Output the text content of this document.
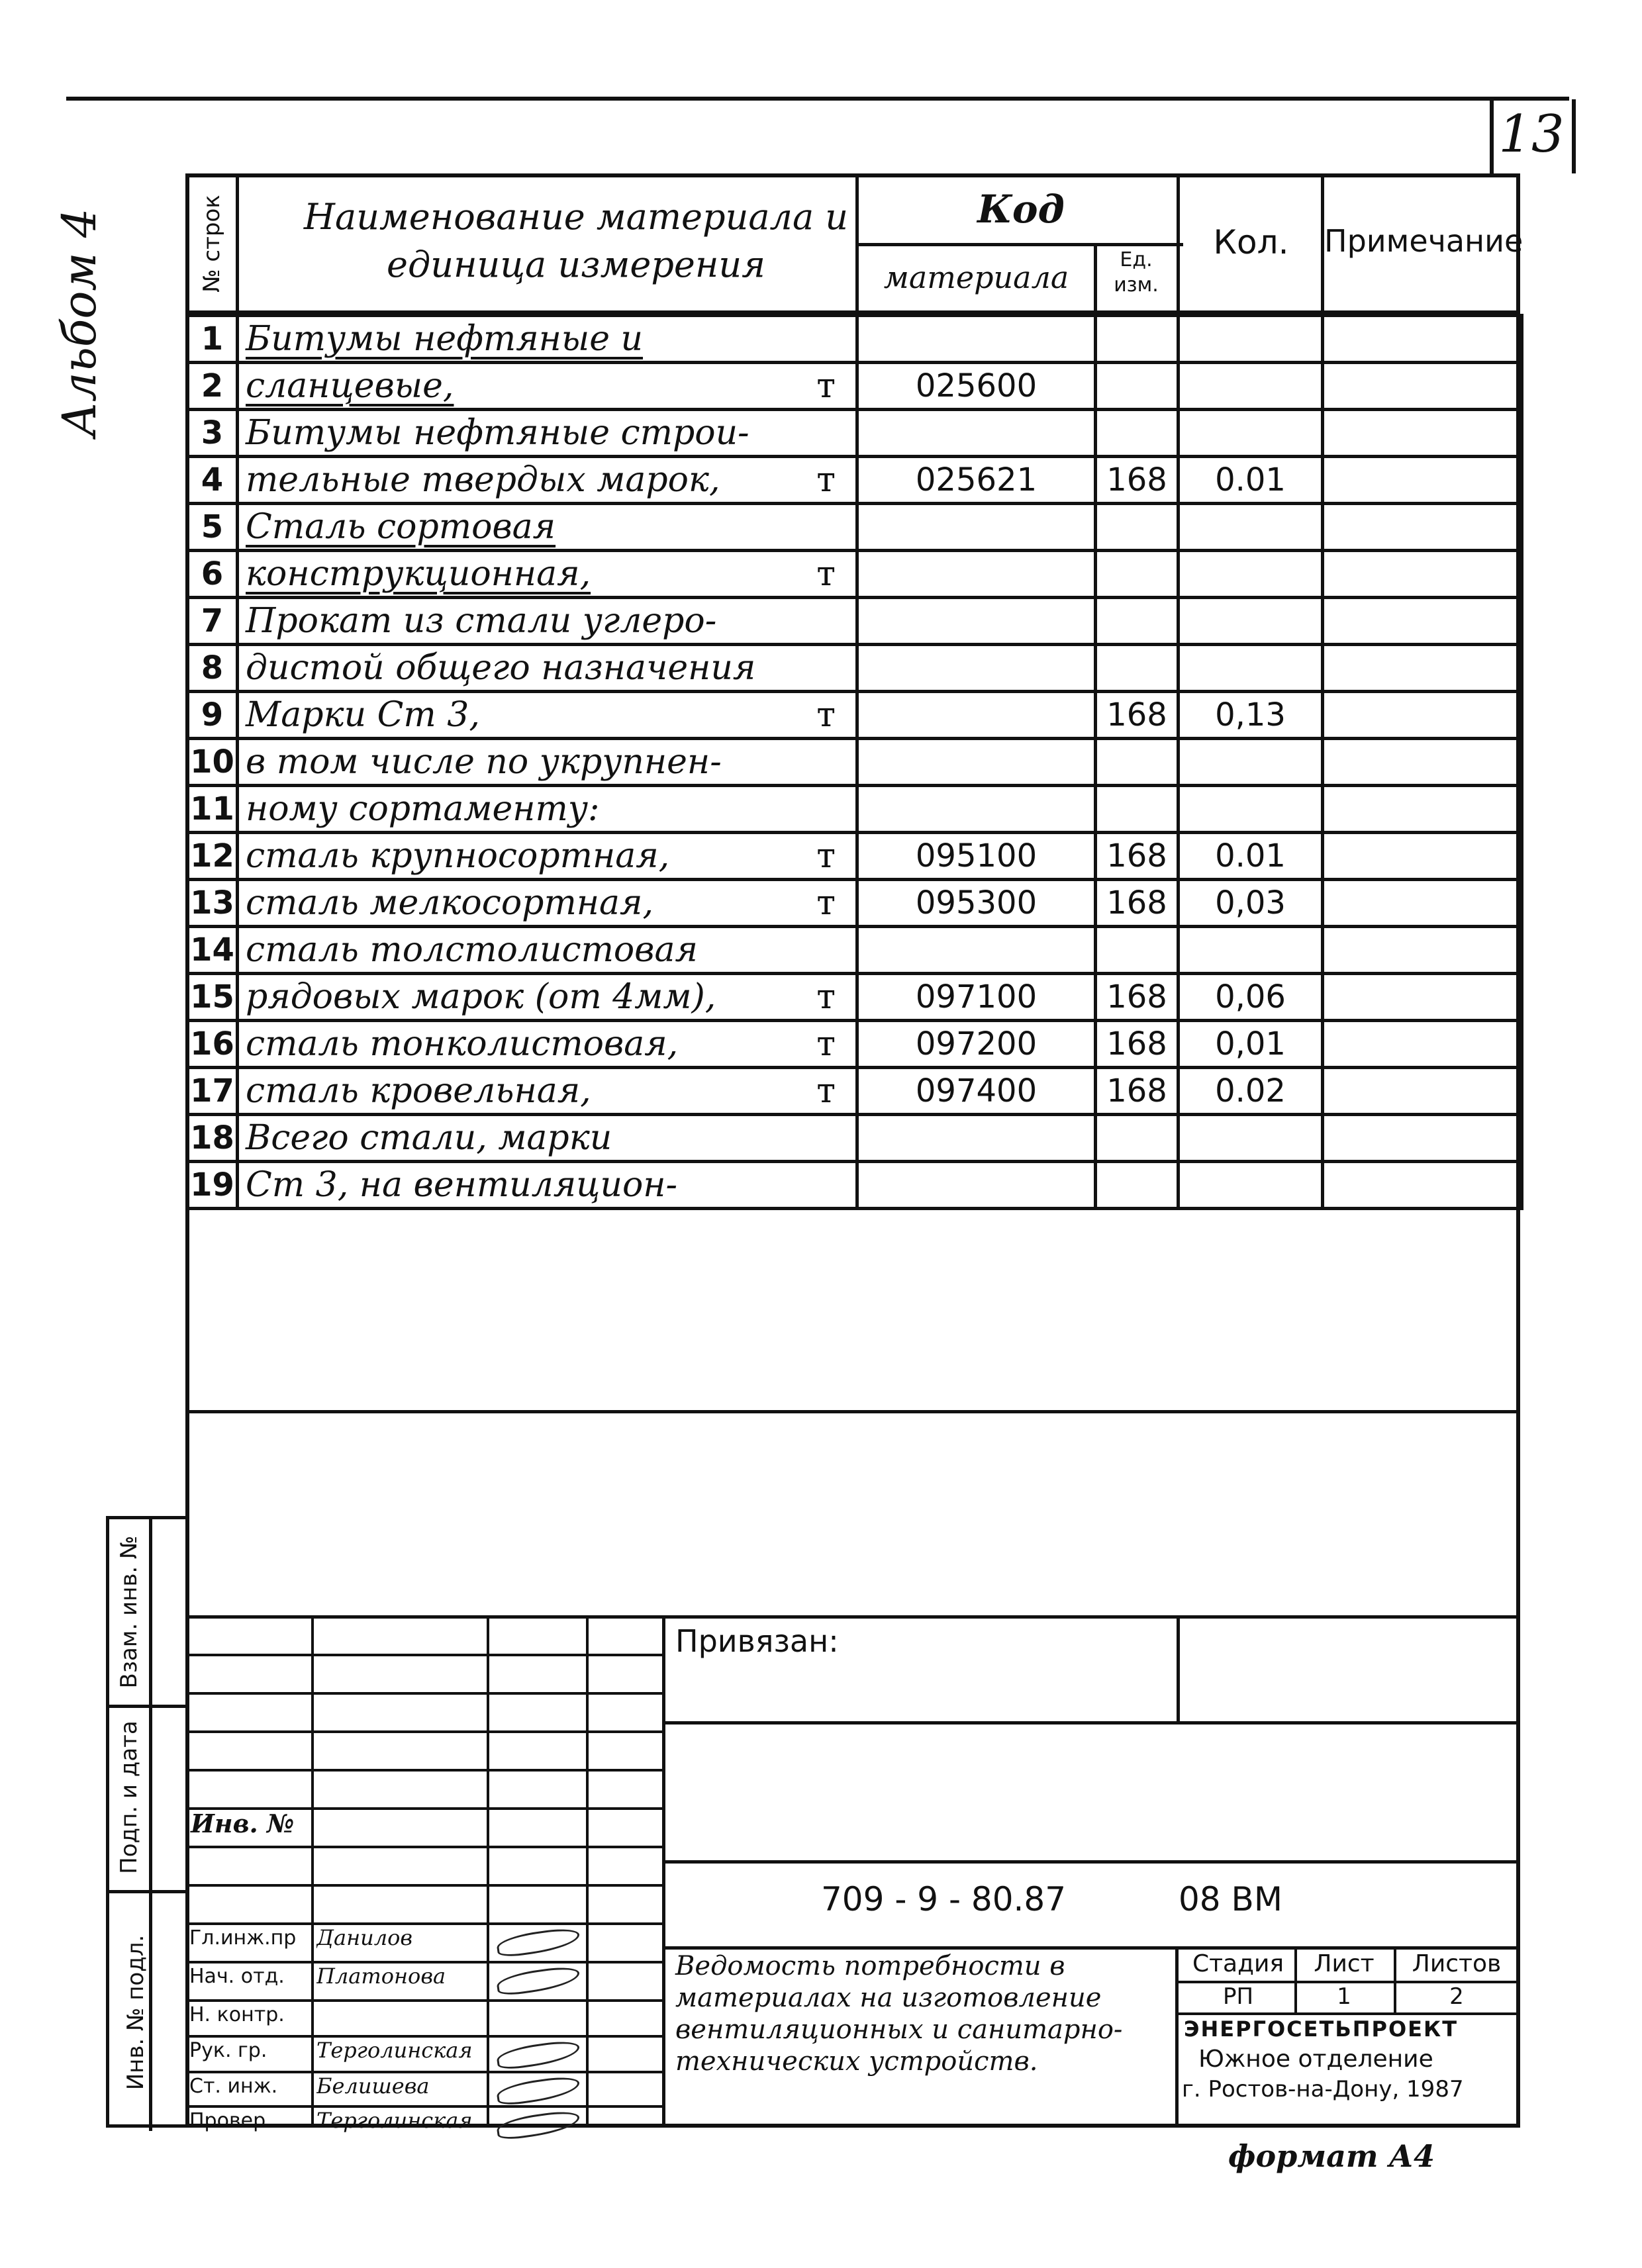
13
Альбом 4	№ строк	Наименование материала и единица измерения
Код
материала	Ед. изм.
Кол.	Примечание
1	Битумы нефтяные и

2	сланцевые, т	025600			
3	Битумы нефтяные строи-

4	тельные твердых марок, т	025621	168	0.01	
5	Сталь сортовая

6	конструкционная, т				

7	Прокат из стали углеро-

8	дистой общего назначения

9	Марки Ст 3, т		168	0,13	
10	в том числе по укрупнен-

11	ному сортаменту:

12	сталь крупносортная, т	095100	168	0.01	
13	сталь мелкосортная, т	095300	168	0,03	
14	сталь толстолистовая

15	рядовых марок (от 4мм), т	097100	168	0,06	
16	сталь тонколистовая, т	097200	168	0,01	
17	сталь кровельная, т	097400	168	0.02	
18	Всего стали, марки

19	Ст 3, на вентиляцион-

Взам. инв. №
Подп. и дата
Инв. № подл.
Инв. №
Гл.инж.пр Данилов
Нач. отд.	Платонова
Н. контр.
Рук. гр.	Терголинская
Ст. инж.	Белишева
Провер.	Терголинская
Привязан:
709 - 9 - 80.87	08 ВМ
Ведомость потребности в материалах на изготовление вентиляционных и санитарно-технических устройств.
Стадия	Лист	Листов
РП	1	2
ЭНЕРГОСЕТЬПРОЕКТ
Южное отделение
г. Ростов-на-Дону, 1987
формат А4
